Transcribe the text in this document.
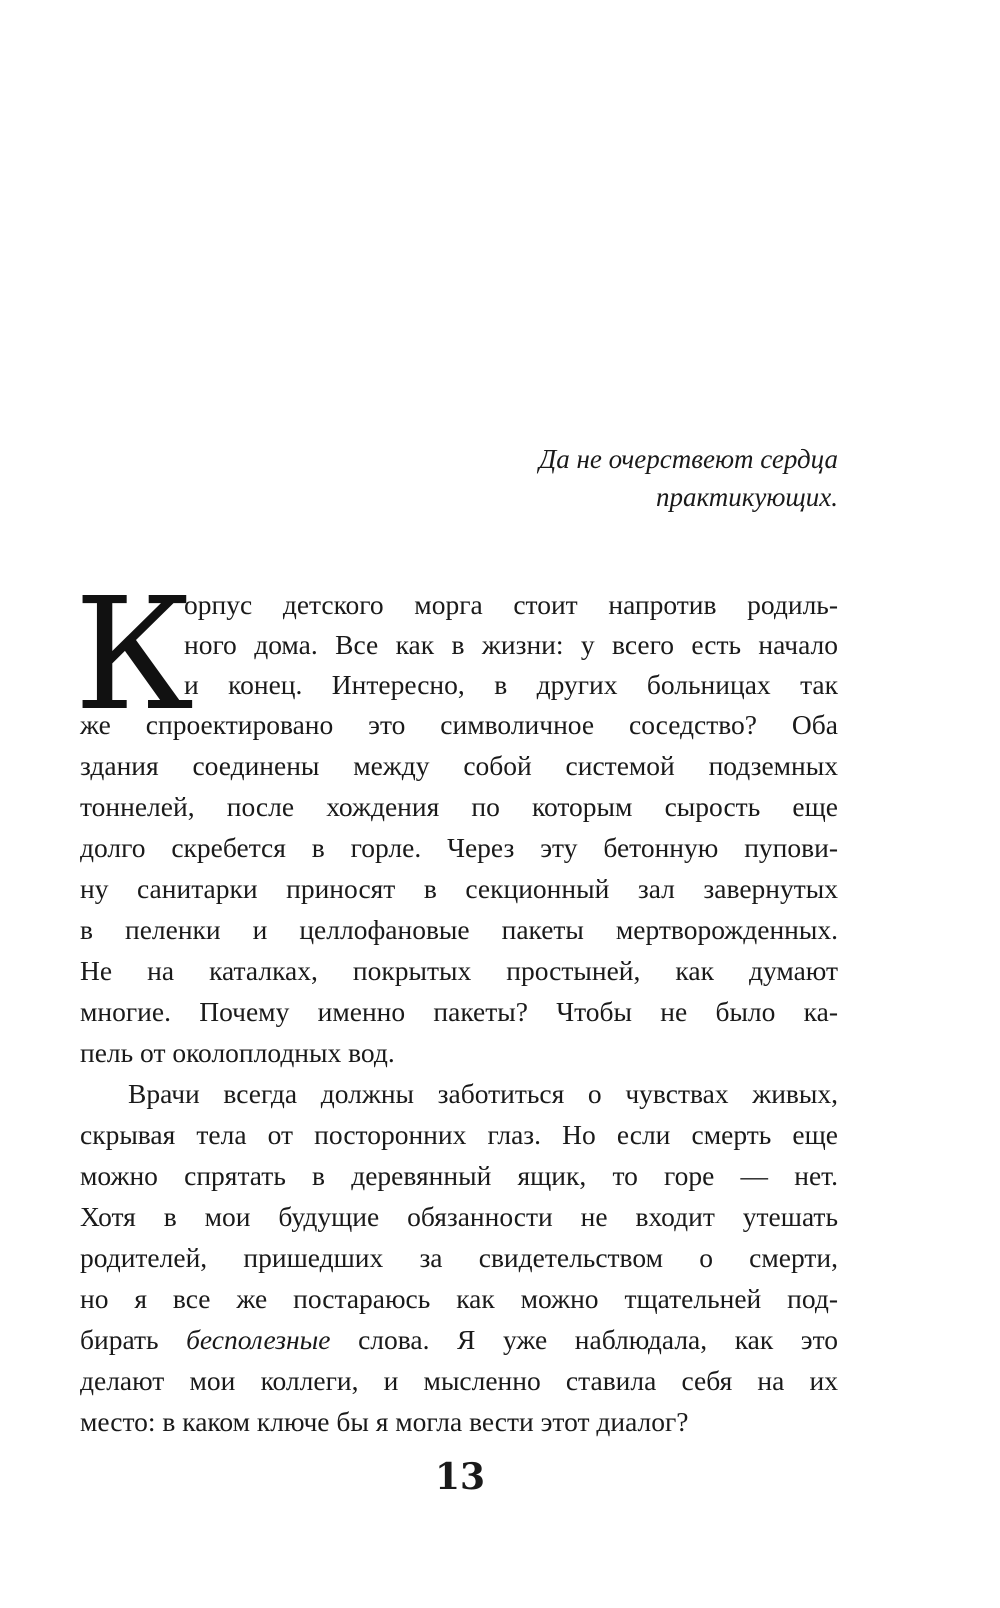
Да не очерствеют сердца
практикующих.
К
орпус детского морга стоит напротив родиль-
ного дома. Все как в жизни: у всего есть начало
и конец. Интересно, в других больницах так
же спроектировано это символичное соседство? Оба
здания соединены между собой системой подземных
тоннелей, после хождения по которым сырость еще
долго скребется в горле. Через эту бетонную пупови-
ну санитарки приносят в секционный зал завернутых
в пеленки и целлофановые пакеты мертворожденных.
Не на каталках, покрытых простыней, как думают
многие. Почему именно пакеты? Чтобы не было ка-
пель от околоплодных вод.
Врачи всегда должны заботиться о чувствах живых,
скрывая тела от посторонних глаз. Но если смерть еще
можно спрятать в деревянный ящик, то горе — нет.
Хотя в мои будущие обязанности не входит утешать
родителей, пришедших за свидетельством о смерти,
но я все же постараюсь как можно тщательней под-
бирать бесполезные слова. Я уже наблюдала, как это
делают мои коллеги, и мысленно ставила себя на их
место: в каком ключе бы я могла вести этот диалог?
13
